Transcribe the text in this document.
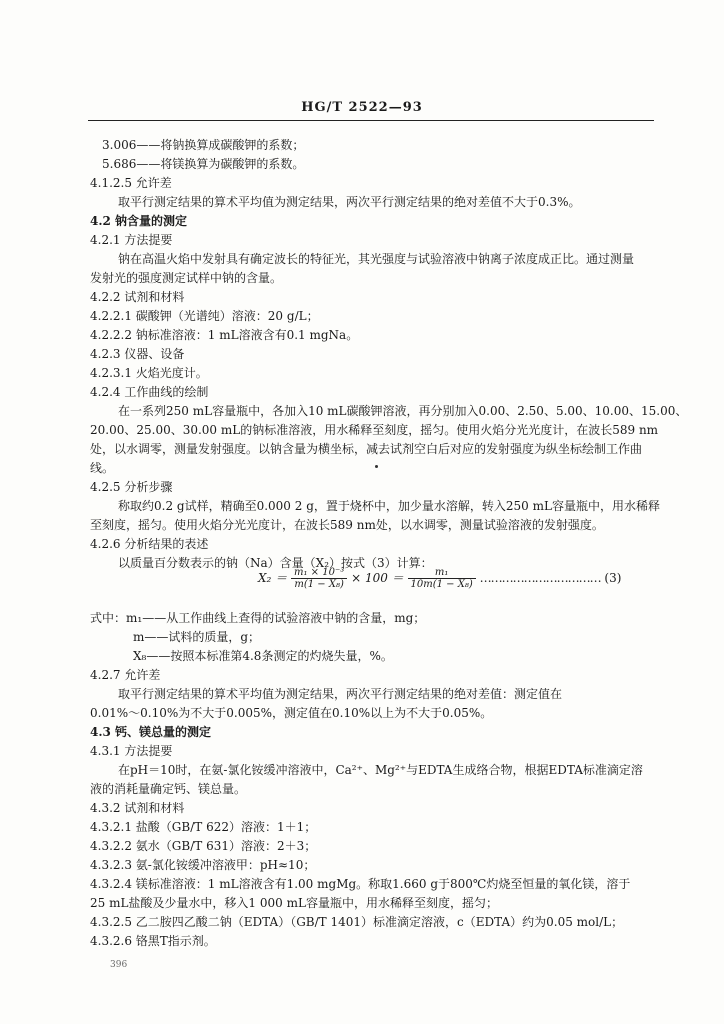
HG/T 2522—93
3.006——将钠换算成碳酸钾的系数；
5.686——将镁换算为碳酸钾的系数。
4.1.2.5 允许差
取平行测定结果的算术平均值为测定结果，两次平行测定结果的绝对差值不大于0.3%。
4.2 钠含量的测定
4.2.1 方法提要
钠在高温火焰中发射具有确定波长的特征光，其光强度与试验溶液中钠离子浓度成正比。通过测量
发射光的强度测定试样中钠的含量。
4.2.2 试剂和材料
4.2.2.1 碳酸钾（光谱纯）溶液：20 g/L；
4.2.2.2 钠标准溶液：1 mL溶液含有0.1 mgNa。
4.2.3 仪器、设备
4.2.3.1 火焰光度计。
4.2.4 工作曲线的绘制
在一系列250 mL容量瓶中，各加入10 mL碳酸钾溶液，再分别加入0.00、2.50、5.00、10.00、15.00、
20.00、25.00、30.00 mL的钠标准溶液，用水稀释至刻度，摇匀。使用火焰分光光度计，在波长589 nm
处，以水调零，测量发射强度。以钠含量为横坐标，减去试剂空白后对应的发射强度为纵坐标绘制工作曲
线。
4.2.5 分析步骤
称取约0.2 g试样，精确至0.000 2 g，置于烧杯中，加少量水溶解，转入250 mL容量瓶中，用水稀释
至刻度，摇匀。使用火焰分光光度计，在波长589 nm处，以水调零，测量试验溶液的发射强度。
4.2.6 分析结果的表述
以质量百分数表示的钠（Na）含量（X₂）按式（3）计算：
式中：m₁——从工作曲线上查得的试验溶液中钠的含量，mg；
m——试料的质量，g；
X₈——按照本标准第4.8条测定的灼烧失量，%。
4.2.7 允许差
取平行测定结果的算术平均值为测定结果，两次平行测定结果的绝对差值：测定值在
0.01%～0.10%为不大于0.005%，测定值在0.10%以上为不大于0.05%。
4.3 钙、镁总量的测定
4.3.1 方法提要
在pH＝10时，在氨-氯化铵缓冲溶液中，Ca²⁺、Mg²⁺与EDTA生成络合物，根据EDTA标准滴定溶
液的消耗量确定钙、镁总量。
4.3.2 试剂和材料
4.3.2.1 盐酸（GB/T 622）溶液：1＋1；
4.3.2.2 氨水（GB/T 631）溶液：2＋3；
4.3.2.3 氨-氯化铵缓冲溶液甲：pH≈10；
4.3.2.4 镁标准溶液：1 mL溶液含有1.00 mgMg。称取1.660 g于800℃灼烧至恒量的氧化镁，溶于
25 mL盐酸及少量水中，移入1 000 mL容量瓶中，用水稀释至刻度，摇匀；
4.3.2.5 乙二胺四乙酸二钠（EDTA）（GB/T 1401）标准滴定溶液，c（EDTA）约为0.05 mol/L；
4.3.2.6 铬黑T指示剂。
$X_2 = \frac{\text{m₁ × 10⁻³}}{\text{m(1 − X₈)}} \times 100 = \frac{\text{m₁}}{\text{10m(1 − X₈)}}$ …………………………… (3)
396
